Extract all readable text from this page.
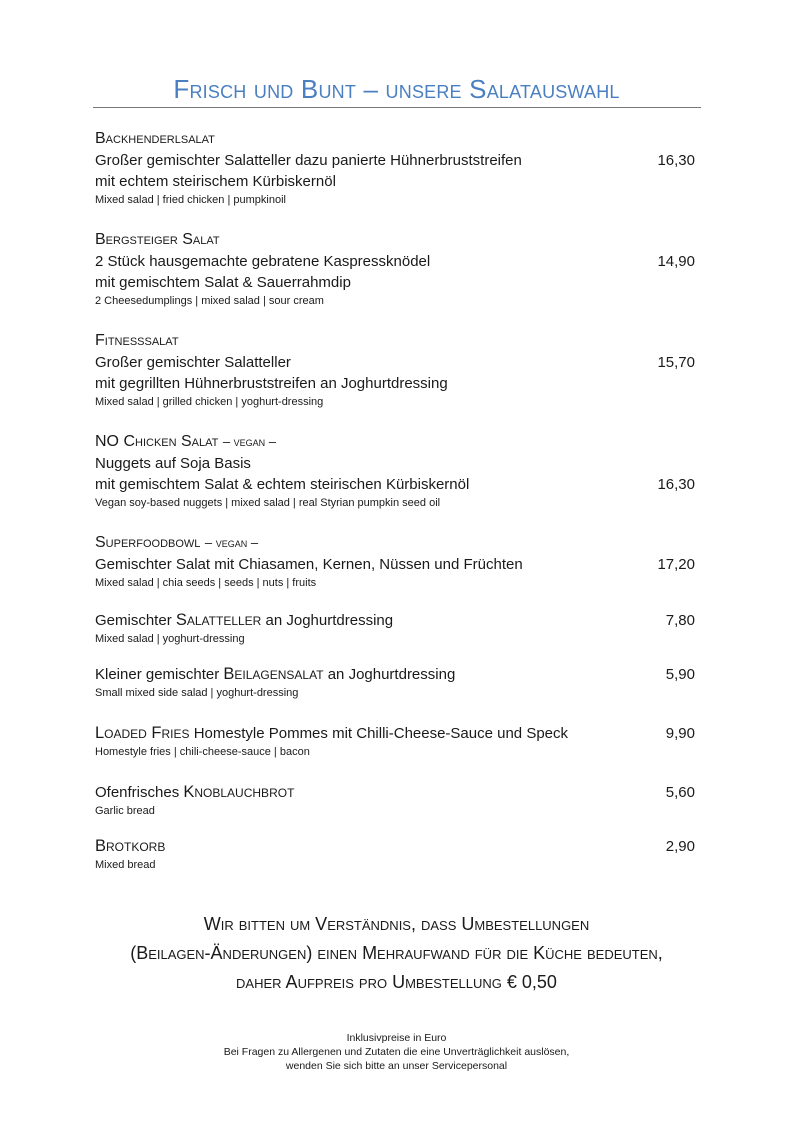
Frisch und Bunt – unsere Salatauswahl
Backhenderlsalat
Großer gemischter Salatteller dazu panierte Hühnerbruststreifen
mit echtem steirischem Kürbiskernöl
Mixed salad | fried chicken | pumpkinoil
16,30
Bergsteiger Salat
2 Stück hausgemachte gebratene Kaspressknödel
mit gemischtem Salat & Sauerrahmdip
2 Cheesedumplings | mixed salad | sour cream
14,90
Fitnesssalat
Großer gemischter Salatteller
mit gegrillten Hühnerbruststreifen an Joghurtdressing
Mixed salad | grilled chicken | yoghurt-dressing
15,70
NO Chicken Salat – vegan –
Nuggets auf Soja Basis
mit gemischtem Salat & echtem steirischen Kürbiskernöl
Vegan soy-based nuggets | mixed salad | real Styrian pumpkin seed oil
16,30
Superfoodbowl – vegan –
Gemischter Salat mit Chiasamen, Kernen, Nüssen und Früchten
Mixed salad | chia seeds | seeds | nuts | fruits
17,20
Gemischter Salatteller an Joghurtdressing
Mixed salad | yoghurt-dressing
7,80
Kleiner gemischter Beilagensalat an Joghurtdressing
Small mixed side salad | yoghurt-dressing
5,90
Loaded Fries Homestyle Pommes mit Chilli-Cheese-Sauce und Speck
Homestyle fries | chili-cheese-sauce | bacon
9,90
Ofenfrisches Knoblauchbrot
Garlic bread
5,60
Brotkorb
Mixed bread
2,90
Wir bitten um Verständnis, dass Umbestellungen
(Beilagen-Änderungen) einen Mehraufwand für die Küche bedeuten,
daher Aufpreis pro Umbestellung € 0,50
Inklusivpreise in Euro
Bei Fragen zu Allergenen und Zutaten die eine Unverträglichkeit auslösen,
wenden Sie sich bitte an unser Servicepersonal
